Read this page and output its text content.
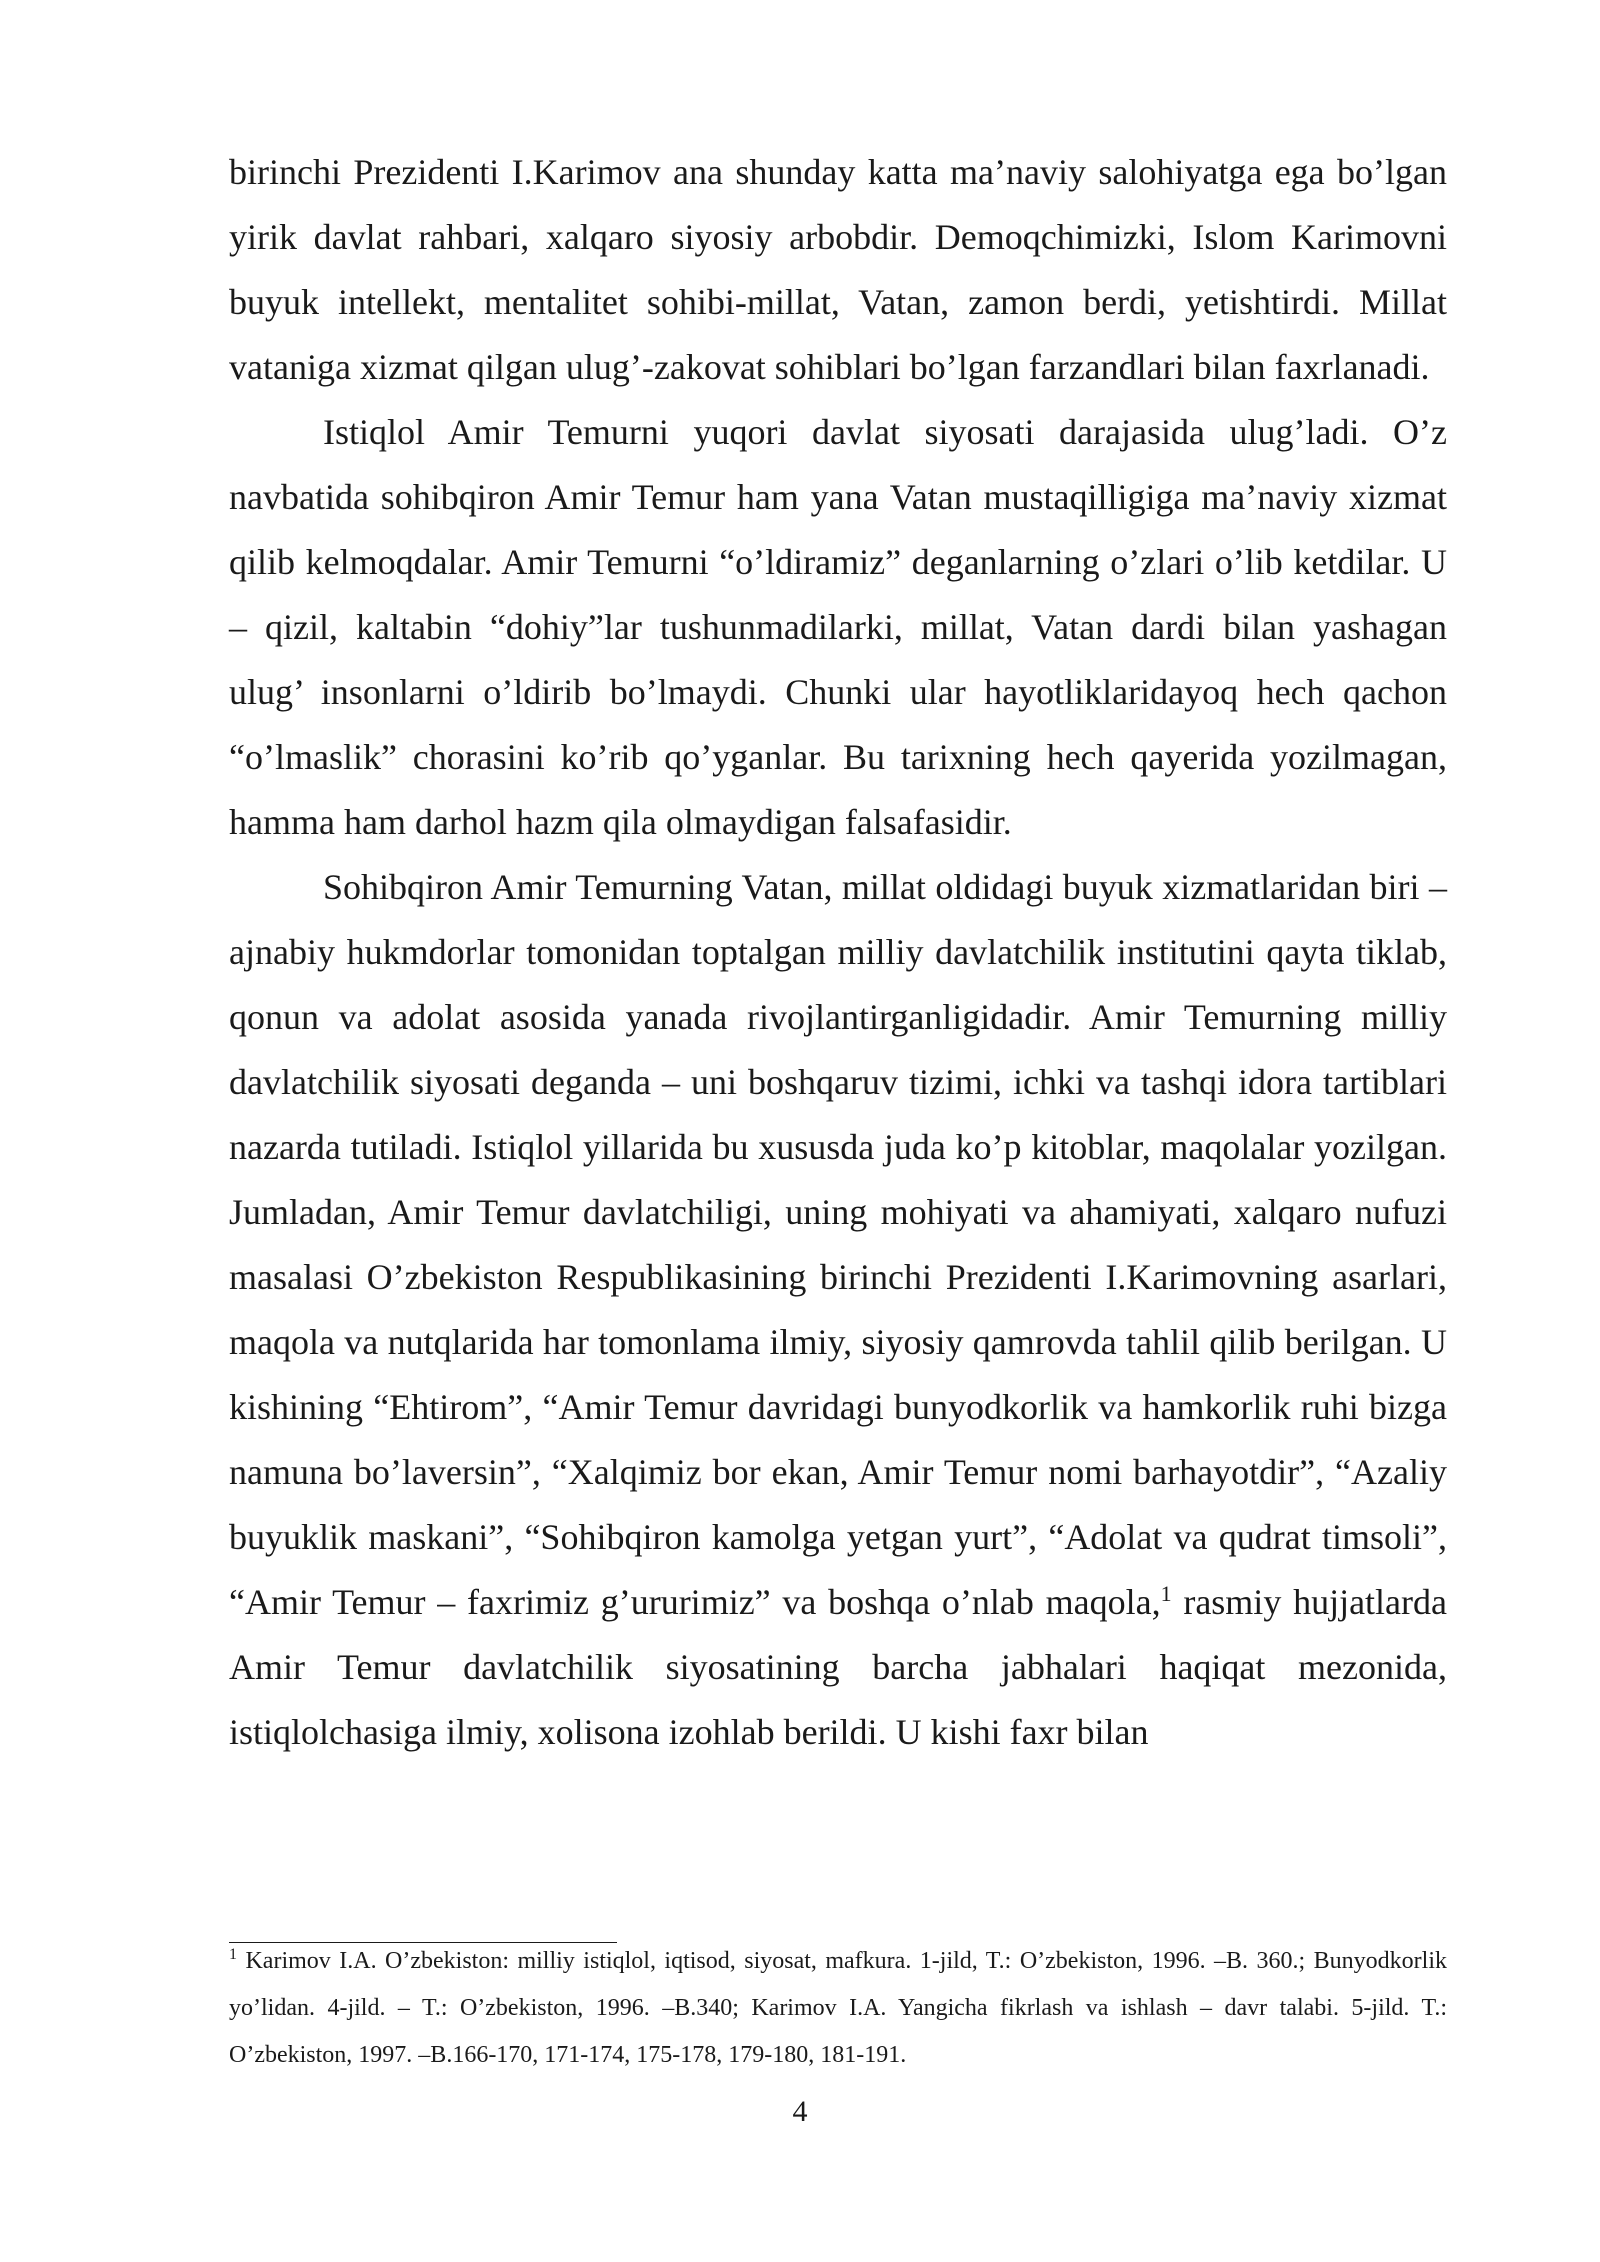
birinchi Prezidenti I.Karimov ana shunday katta ma’naviy salohiyatga ega bo’lgan yirik davlat rahbari, xalqaro siyosiy arbobdir. Demoqchimizki, Islom Karimovni buyuk intellekt, mentalitet sohibi-millat, Vatan, zamon berdi, yetishtirdi. Millat vataniga xizmat qilgan ulug’-zakovat sohiblari bo’lgan farzandlari bilan faxrlanadi.

Istiqlol Amir Temurni yuqori davlat siyosati darajasida ulug’ladi. O’z navbatida sohibqiron Amir Temur ham yana Vatan mustaqilligiga ma’naviy xizmat qilib kelmoqdalar. Amir Temurni “o’ldiramiz” deganlarning o’zlari o’lib ketdilar. U – qizil, kaltabin “dohiy”lar tushunmadilarki, millat, Vatan dardi bilan yashagan ulug’ insonlarni o’ldirib bo’lmaydi. Chunki ular hayotliklaridayoq hech qachon “o’lmaslik” chorasini ko’rib qo’yganlar. Bu tarixning hech qayerida yozilmagan, hamma ham darhol hazm qila olmaydigan falsafasidir.

Sohibqiron Amir Temurning Vatan, millat oldidagi buyuk xizmatlaridan biri – ajnabiy hukmdorlar tomonidan toptalgan milliy davlatchilik institutini qayta tiklab, qonun va adolat asosida yanada rivojlantirganligidadir. Amir Temurning milliy davlatchilik siyosati deganda – uni boshqaruv tizimi, ichki va tashqi idora tartiblari nazarda tutiladi. Istiqlol yillarida bu xususda juda ko’p kitoblar, maqolalar yozilgan. Jumladan, Amir Temur davlatchiligi, uning mohiyati va ahamiyati, xalqaro nufuzi masalasi O’zbekiston Respublikasining birinchi Prezidenti I.Karimovning asarlari, maqola va nutqlarida har tomonlama ilmiy, siyosiy qamrovda tahlil qilib berilgan. U kishining “Ehtirom”, “Amir Temur davridagi bunyodkorlik va hamkorlik ruhi bizga namuna bo’laversin”, “Xalqimiz bor ekan, Amir Temur nomi barhayotdir”, “Azaliy buyuklik maskani”, “Sohibqiron kamolga yetgan yurt”, “Adolat va qudrat timsoli”, “Amir Temur – faxrimiz g’ururimiz” va boshqa o’nlab maqola,$^1$ rasmiy hujjatlarda Amir Temur davlatchilik siyosatining barcha jabhalari haqiqat mezonida, istiqlolchasiga ilmiy, xolisona izohlab berildi. U kishi faxr bilan

$^1$ Karimov I.A. O’zbekiston: milliy istiqlol, iqtisod, siyosat, mafkura. 1-jild, T.: O’zbekiston, 1996. –B. 360.; Bunyodkorlik yo’lidan. 4-jild. – T.: O’zbekiston, 1996. –B.340; Karimov I.A. Yangicha fikrlash va ishlash – davr talabi. 5-jild. T.: O’zbekiston, 1997. –B.166-170, 171-174, 175-178, 179-180, 181-191.

4
